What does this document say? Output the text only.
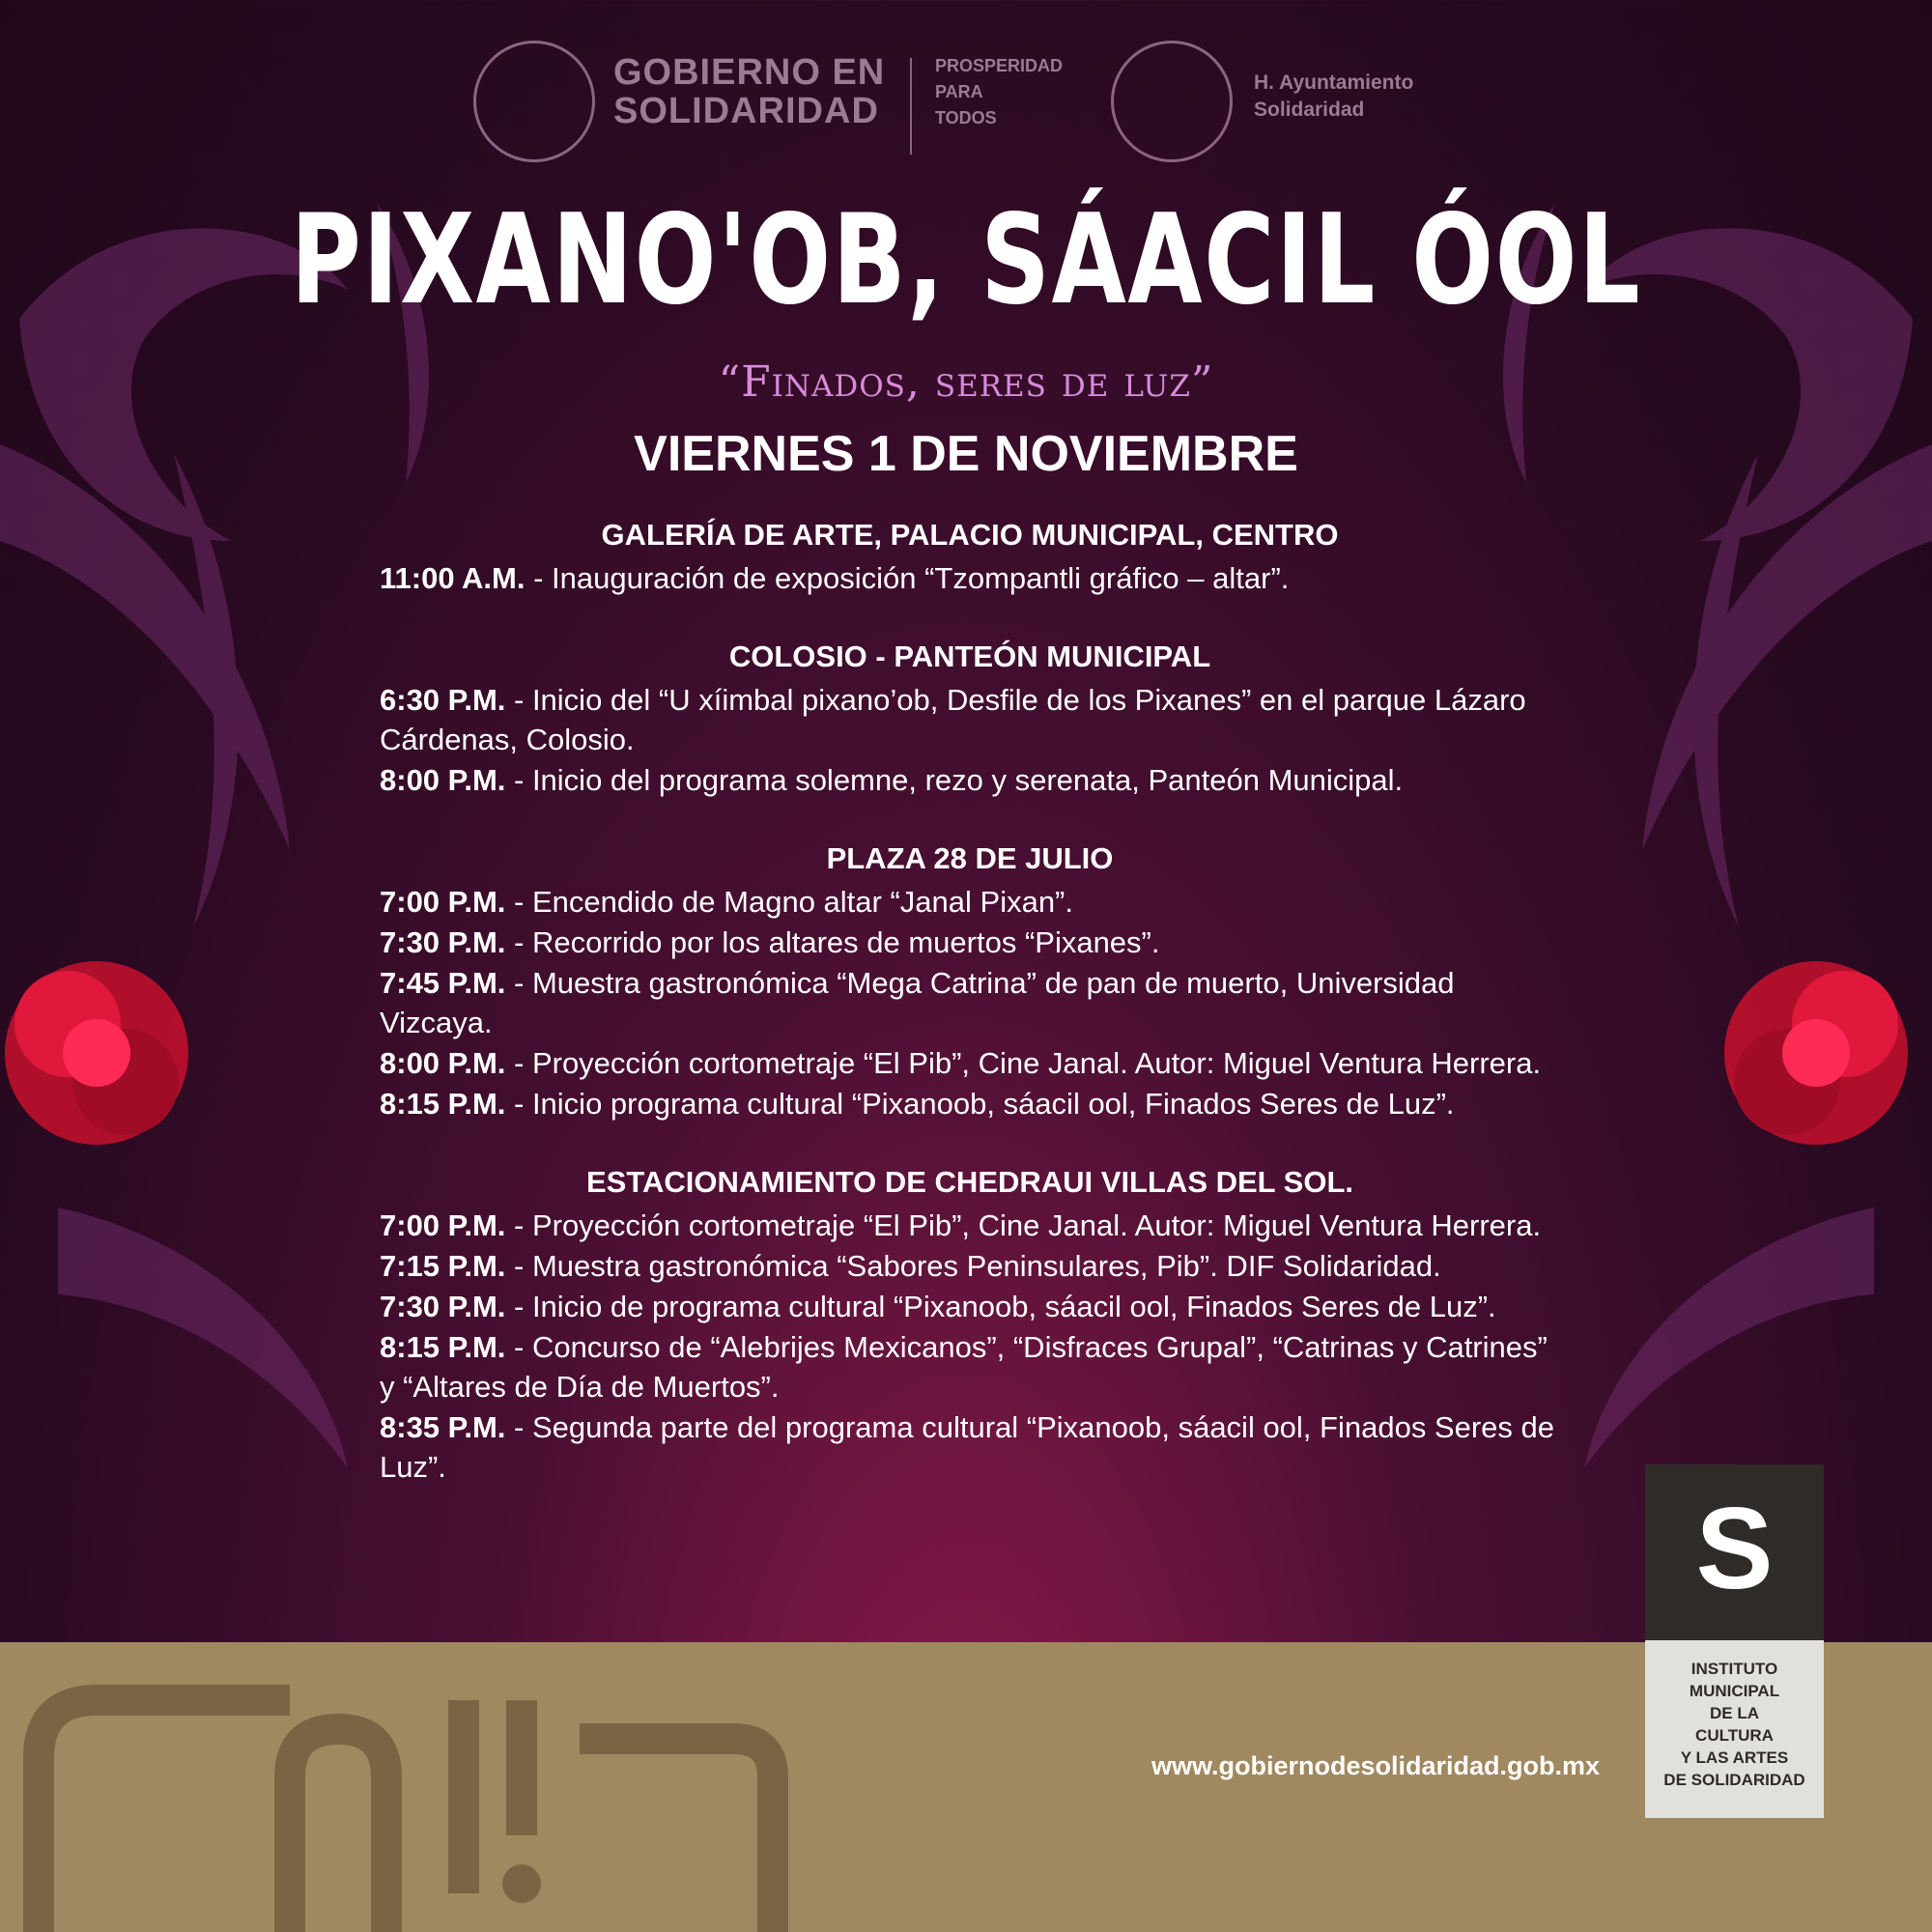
GOBIERNO EN
SOLIDARIDAD
PROSPERIDAD
PARA
TODOS
H. Ayuntamiento
Solidaridad
PIXANO'OB, SÁACIL ÓOL
“Finados, seres de luz”
VIERNES 1 DE NOVIEMBRE
GALERÍA DE ARTE, PALACIO MUNICIPAL, CENTRO
11:00 A.M. - Inauguración de exposición “Tzompantli gráfico – altar”.
COLOSIO - PANTEÓN MUNICIPAL
6:30 P.M. - Inicio del “U xíimbal pixano’ob, Desfile de los Pixanes” en el parque Lázaro Cárdenas, Colosio.
8:00 P.M. - Inicio del programa solemne, rezo y serenata, Panteón Municipal.
PLAZA 28 DE JULIO
7:00 P.M. - Encendido de Magno altar “Janal Pixan”.
7:30 P.M. - Recorrido por los altares de muertos “Pixanes”.
7:45 P.M. - Muestra gastronómica “Mega Catrina” de pan de muerto, Universidad Vizcaya.
8:00 P.M. - Proyección cortometraje “El Pib”, Cine Janal. Autor: Miguel Ventura Herrera.
8:15 P.M. - Inicio programa cultural “Pixanoob, sáacil ool, Finados Seres de Luz”.
ESTACIONAMIENTO DE CHEDRAUI VILLAS DEL SOL.
7:00 P.M. - Proyección cortometraje “El Pib”, Cine Janal. Autor: Miguel Ventura Herrera.
7:15 P.M. - Muestra gastronómica “Sabores Peninsulares, Pib”. DIF Solidaridad.
7:30 P.M. - Inicio de programa cultural “Pixanoob, sáacil ool, Finados Seres de Luz”.
8:15 P.M. - Concurso de “Alebrijes Mexicanos”, “Disfraces Grupal”, “Catrinas y Catrines” y “Altares de Día de Muertos”.
8:35 P.M. - Segunda parte del programa cultural “Pixanoob, sáacil ool, Finados Seres de Luz”.
www.gobiernodesolidaridad.gob.mx
S
INSTITUTO
MUNICIPAL
DE LA
CULTURA
Y LAS ARTES
DE SOLIDARIDAD
